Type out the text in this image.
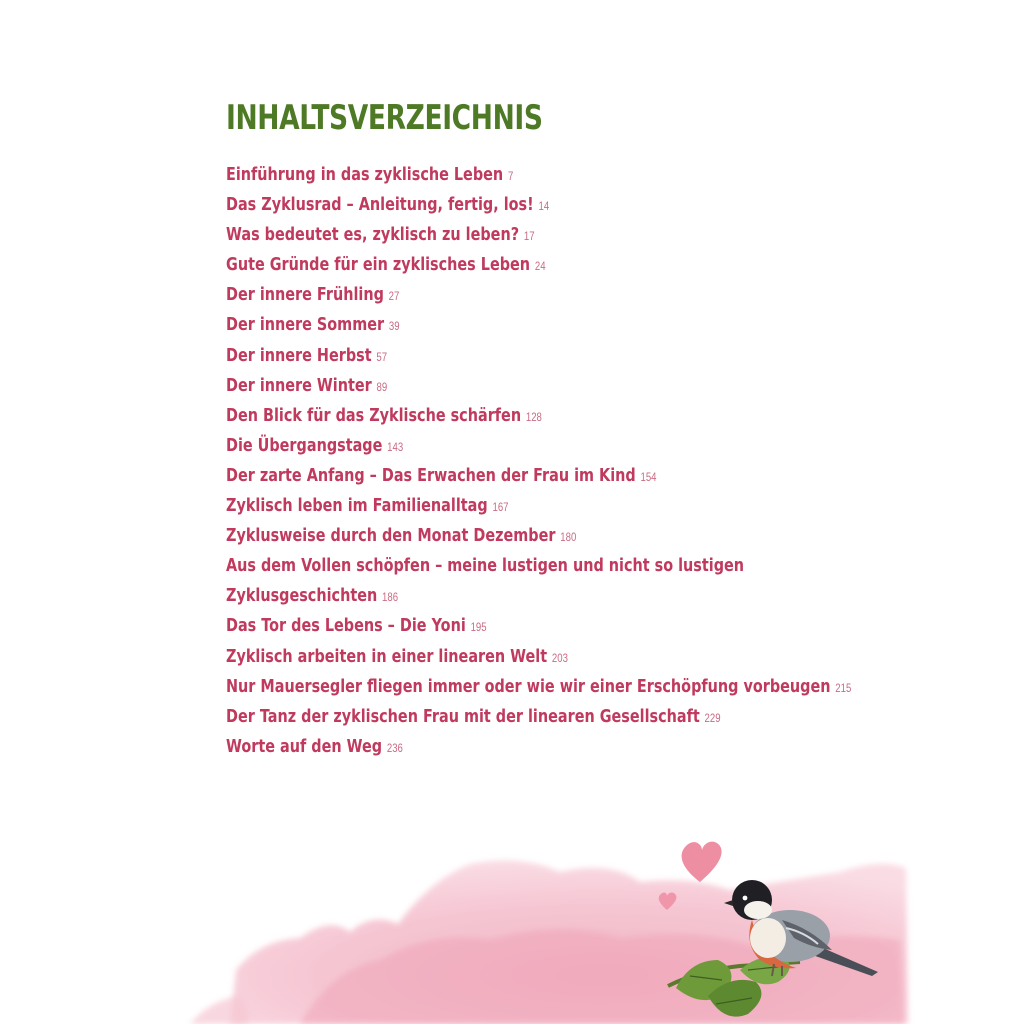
INHALTSVERZEICHNIS
Einführung in das zyklische Leben 7
Das Zyklusrad – Anleitung, fertig, los! 14
Was bedeutet es, zyklisch zu leben? 17
Gute Gründe für ein zyklisches Leben 24
Der innere Frühling 27
Der innere Sommer 39
Der innere Herbst 57
Der innere Winter 89
Den Blick für das Zyklische schärfen 128
Die Übergangstage 143
Der zarte Anfang – Das Erwachen der Frau im Kind 154
Zyklisch leben im Familienalltag 167
Zyklusweise durch den Monat Dezember 180
Aus dem Vollen schöpfen – meine lustigen und nicht so lustigen
Zyklusgeschichten 186
Das Tor des Lebens – Die Yoni 195
Zyklisch arbeiten in einer linearen Welt 203
Nur Mauersegler fliegen immer oder wie wir einer Erschöpfung vorbeugen 215
Der Tanz der zyklischen Frau mit der linearen Gesellschaft 229
Worte auf den Weg 236
